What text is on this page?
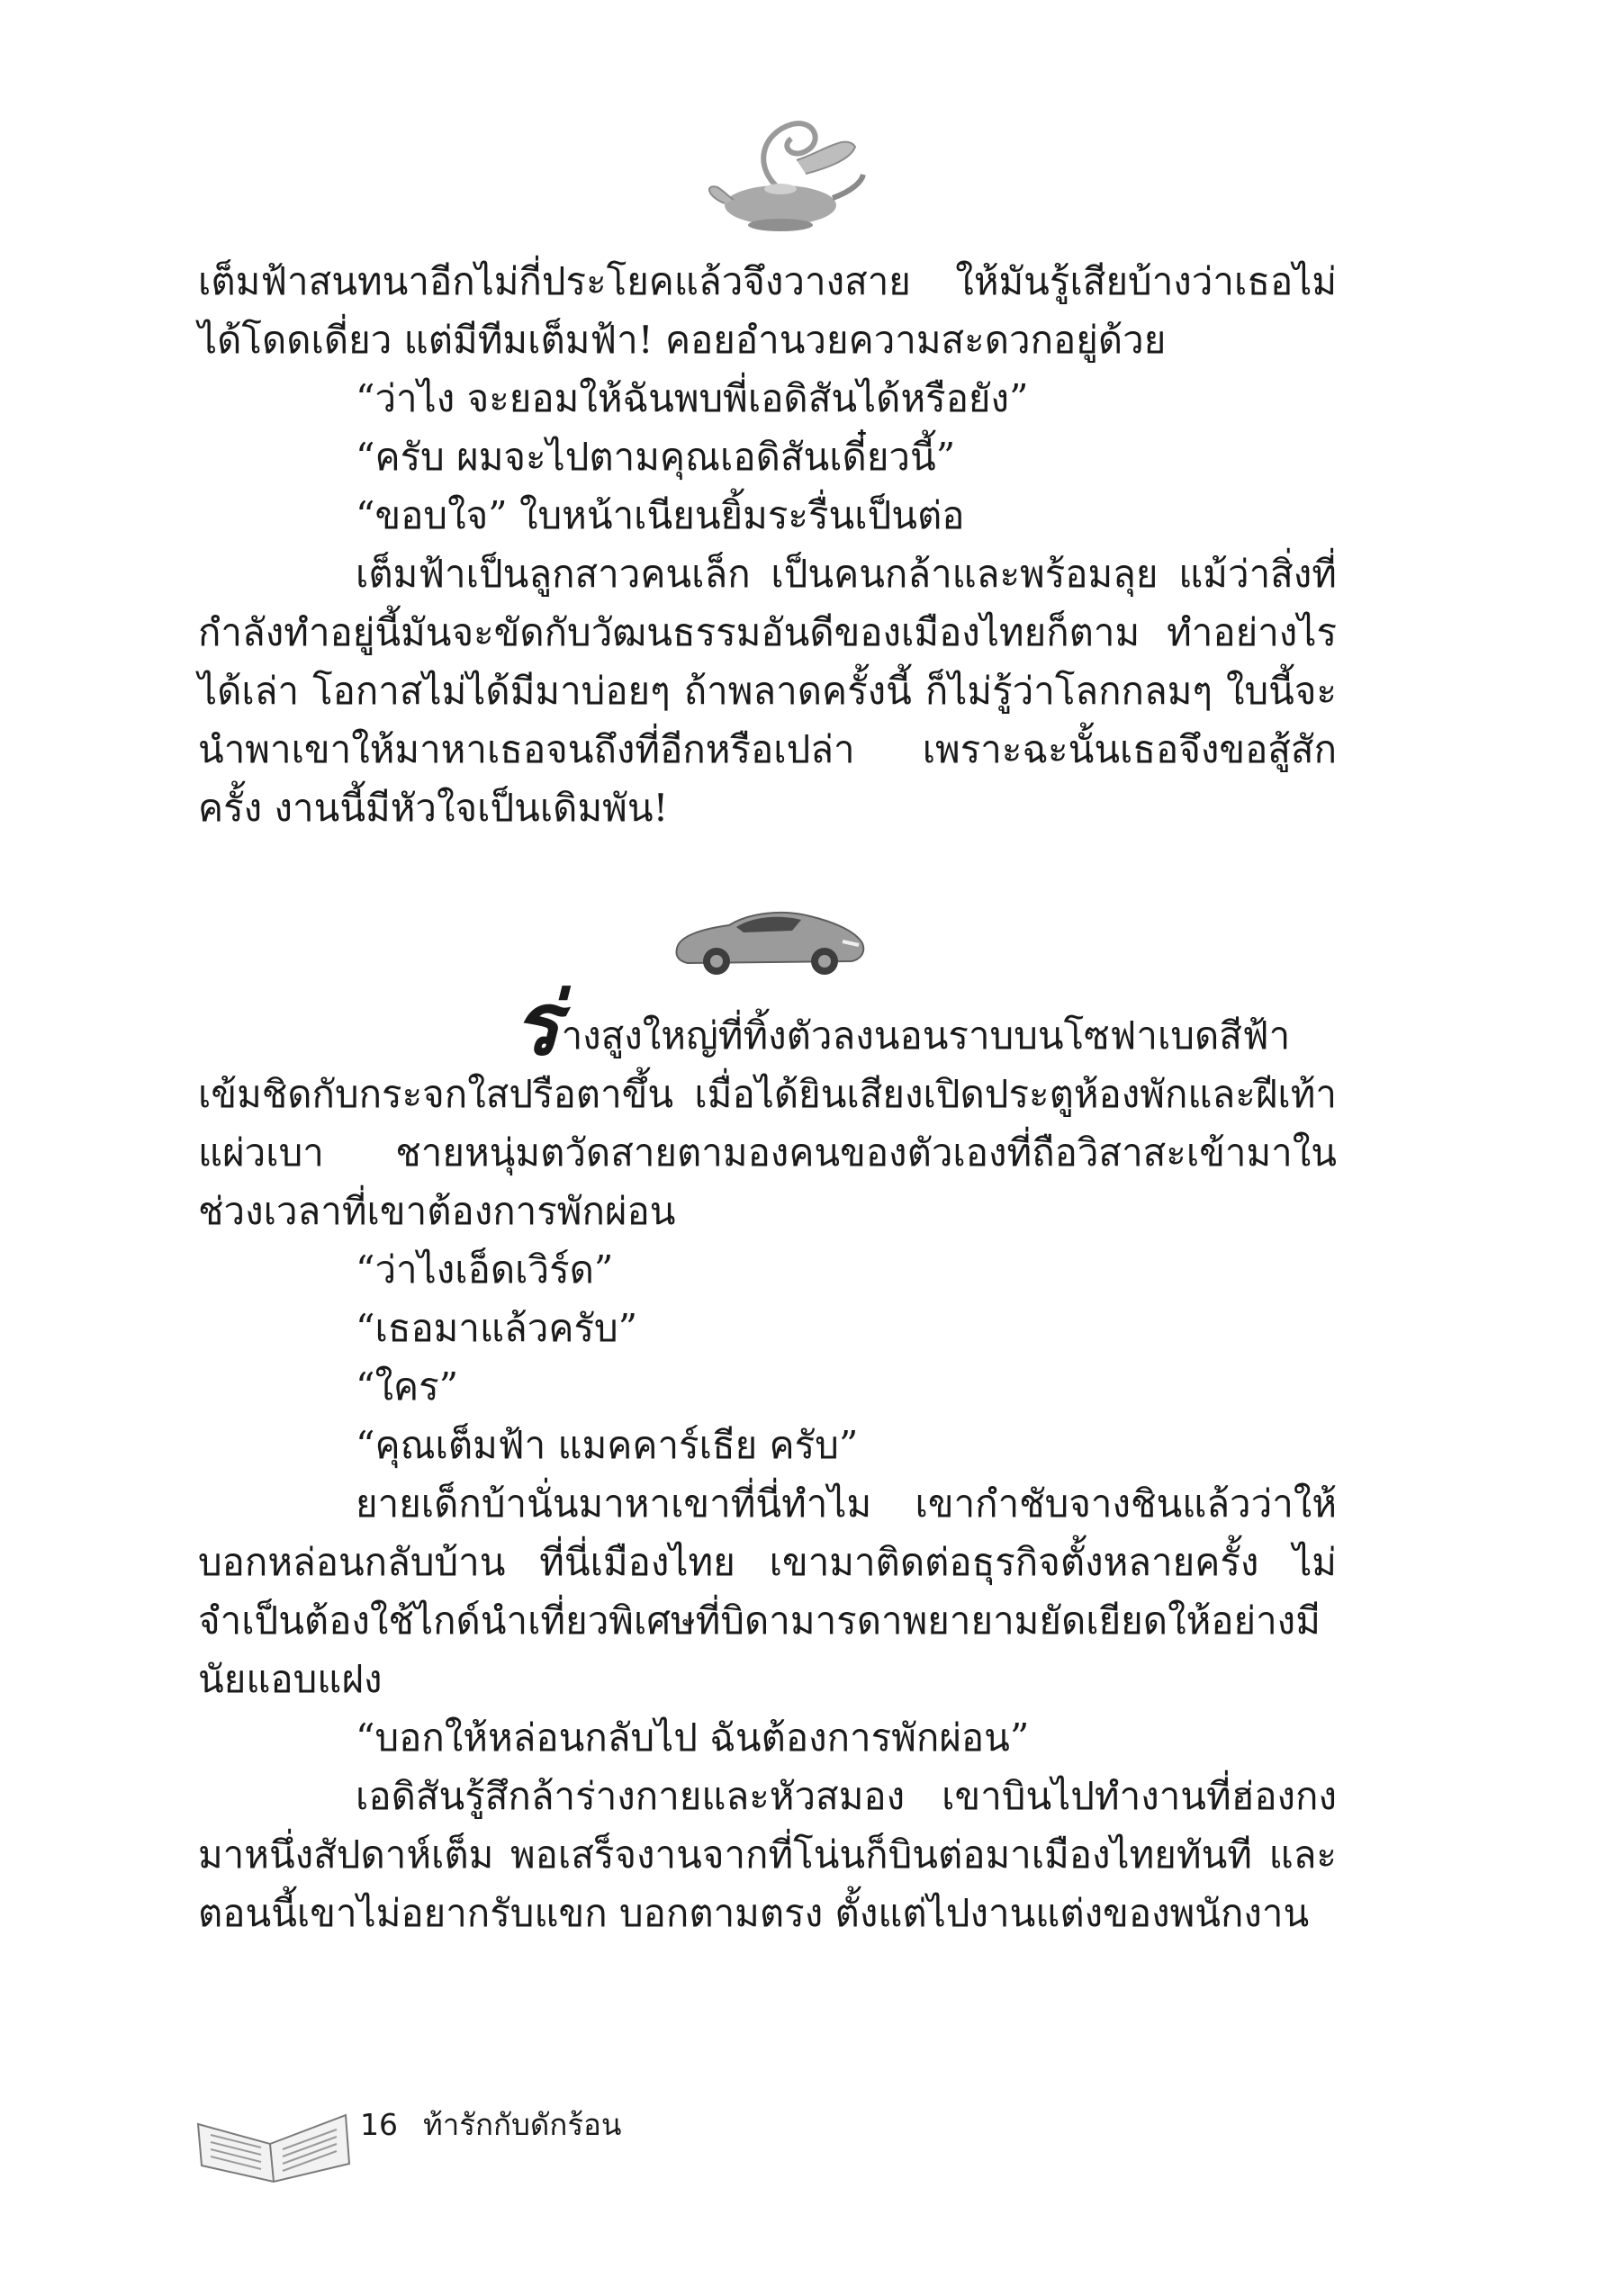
เต็มฟ้าสนทนาอีกไม่กี่ประโยคแล้วจึงวางสาย ให้มันรู้เสียบ้างว่าเธอไม่ได้โดดเดี่ยว แต่มีทีมเต็มฟ้า! คอยอำนวยความสะดวกอยู่ด้วย

“ว่าไง จะยอมให้ฉันพบพี่เอดิสันได้หรือยัง”

“ครับ ผมจะไปตามคุณเอดิสันเดี๋ยวนี้”

“ขอบใจ” ใบหน้าเนียนยิ้มระรื่นเป็นต่อ

เต็มฟ้าเป็นลูกสาวคนเล็ก เป็นคนกล้าและพร้อมลุย แม้ว่าสิ่งที่กำลังทำอยู่นี้มันจะขัดกับวัฒนธรรมอันดีของเมืองไทยก็ตาม ทำอย่างไรได้เล่า โอกาสไม่ได้มีมาบ่อยๆ ถ้าพลาดครั้งนี้ ก็ไม่รู้ว่าโลกกลมๆ ใบนี้จะนำพาเขาให้มาหาเธอจนถึงที่อีกหรือเปล่า เพราะฉะนั้นเธอจึงขอสู้สักครั้ง งานนี้มีหัวใจเป็นเดิมพัน!

ร่างสูงใหญ่ที่ทิ้งตัวลงนอนราบบนโซฟาเบดสีฟ้าเข้มชิดกับกระจกใสปรือตาขึ้น เมื่อได้ยินเสียงเปิดประตูห้องพักและฝีเท้าแผ่วเบา ชายหนุ่มตวัดสายตามองคนของตัวเองที่ถือวิสาสะเข้ามาในช่วงเวลาที่เขาต้องการพักผ่อน

“ว่าไงเอ็ดเวิร์ด”

“เธอมาแล้วครับ”

“ใคร”

“คุณเต็มฟ้า แมคคาร์เธีย ครับ”

ยายเด็กบ้านั่นมาหาเขาที่นี่ทำไม เขากำชับจางชินแล้วว่าให้บอกหล่อนกลับบ้าน ที่นี่เมืองไทย เขามาติดต่อธุรกิจตั้งหลายครั้ง ไม่จำเป็นต้องใช้ไกด์นำเที่ยวพิเศษที่บิดามารดาพยายามยัดเยียดให้อย่างมีนัยแอบแฝง

“บอกให้หล่อนกลับไป ฉันต้องการพักผ่อน”

เอดิสันรู้สึกล้าร่างกายและหัวสมอง เขาบินไปทำงานที่ฮ่องกงมาหนึ่งสัปดาห์เต็ม พอเสร็จงานจากที่โน่นก็บินต่อมาเมืองไทยทันที และตอนนี้เขาไม่อยากรับแขก บอกตามตรง ตั้งแต่ไปงานแต่งของพนักงาน

16 ท้ารักกับดักร้อน
